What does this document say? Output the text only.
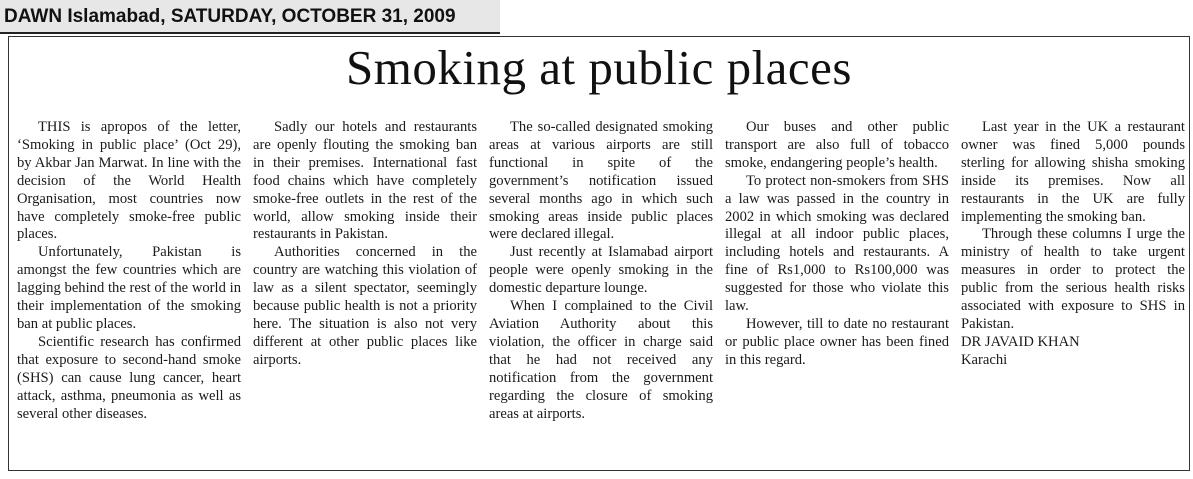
DAWN Islamabad, SATURDAY, OCTOBER 31, 2009
Smoking at public places

THIS is apropos of the letter, ‘Smoking in public place’ (Oct 29), by Akbar Jan Marwat. In line with the decision of the World Health Organisation, most countries now have completely smoke-free public places.

Unfortunately, Pakistan is amongst the few countries which are lagging behind the rest of the world in their implementation of the smoking ban at public places.

Scientific research has confirmed that exposure to second-hand smoke (SHS) can cause lung cancer, heart attack, asthma, pneumonia as well as several other diseases.

Sadly our hotels and restaurants are openly flouting the smoking ban in their premises. International fast food chains which have completely smoke-free outlets in the rest of the world, allow smoking inside their restaurants in Pakistan.

Authorities concerned in the country are watching this violation of law as a silent spectator, seemingly because public health is not a priority here. The situation is also not very different at other public places like airports.

The so-called designated smoking areas at various airports are still functional in spite of the government’s notification issued several months ago in which such smoking areas inside public places were declared illegal.

Just recently at Islamabad airport people were openly smoking in the domestic departure lounge.

When I complained to the Civil Aviation Authority about this violation, the officer in charge said that he had not received any notification from the government regarding the closure of smoking areas at airports.

Our buses and other public transport are also full of tobacco smoke, endangering people’s health.

To protect non-smokers from SHS a law was passed in the country in 2002 in which smoking was declared illegal at all indoor public places, including hotels and restaurants. A fine of Rs1,000 to Rs100,000 was suggested for those who violate this law.

However, till to date no restaurant or public place owner has been fined in this regard.

Last year in the UK a restaurant owner was fined 5,000 pounds sterling for allowing shisha smoking inside its premises. Now all restaurants in the UK are fully implementing the smoking ban.

Through these columns I urge the ministry of health to take urgent measures in order to protect the public from the serious health risks associated with exposure to SHS in Pakistan.

DR JAVAID KHAN

Karachi
